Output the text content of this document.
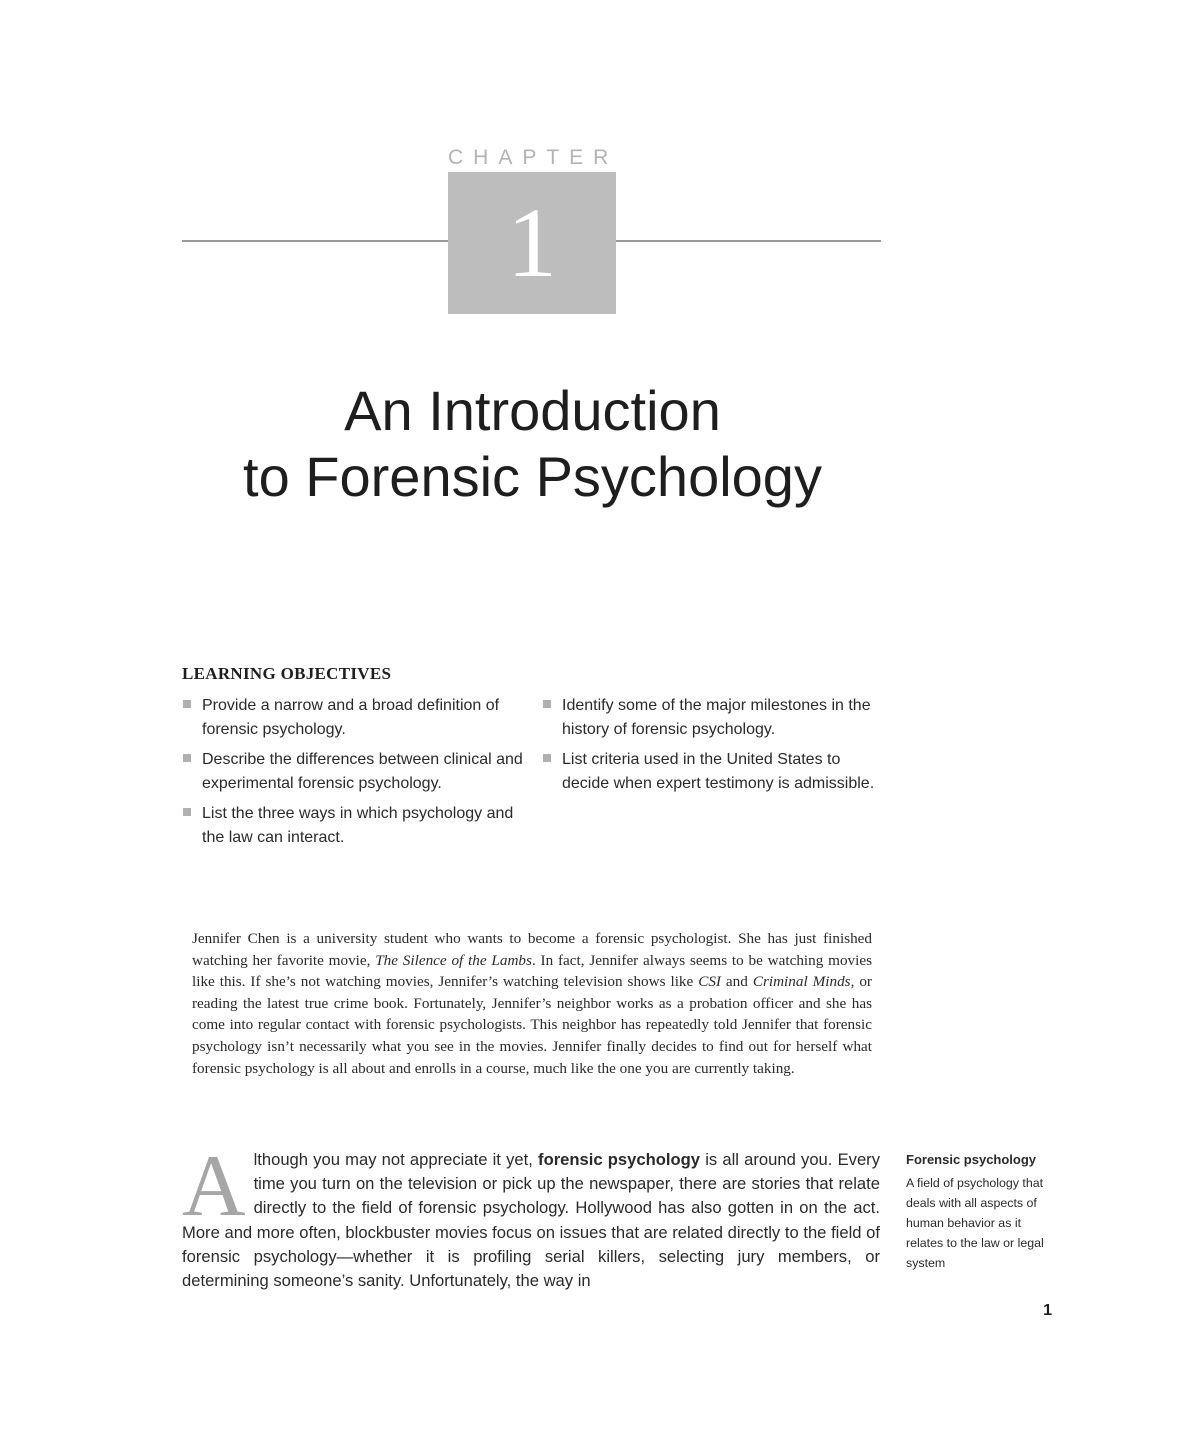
CHAPTER
1
An Introduction
to Forensic Psychology
LEARNING OBJECTIVES
Provide a narrow and a broad definition of forensic psychology.
Describe the differences between clinical and experimental forensic psychology.
List the three ways in which psychology and the law can interact.
Identify some of the major milestones in the history of forensic psychology.
List criteria used in the United States to decide when expert testimony is admissible.

Jennifer Chen is a university student who wants to become a forensic psychologist. She has just finished watching her favorite movie, The Silence of the Lambs. In fact, Jennifer always seems to be watching movies like this. If she’s not watching movies, Jennifer’s watching television shows like CSI and Criminal Minds, or reading the latest true crime book. Fortunately, Jennifer’s neighbor works as a probation officer and she has come into regular contact with forensic psychologists. This neighbor has repeatedly told Jennifer that forensic psychology isn’t necessarily what you see in the movies. Jennifer finally decides to find out for herself what forensic psychology is all about and enrolls in a course, much like the one you are currently taking.

Although you may not appreciate it yet, forensic psychology is all around you. Every time you turn on the television or pick up the newspaper, there are stories that relate directly to the field of forensic psychology. Hollywood has also gotten in on the act. More and more often, blockbuster movies focus on issues that are related directly to the field of forensic psychology—whether it is profiling serial killers, selecting jury members, or determining someone’s sanity. Unfortunately, the way in

Forensic psychology

A field of psychology that deals with all aspects of human behavior as it relates to the law or legal system

1
